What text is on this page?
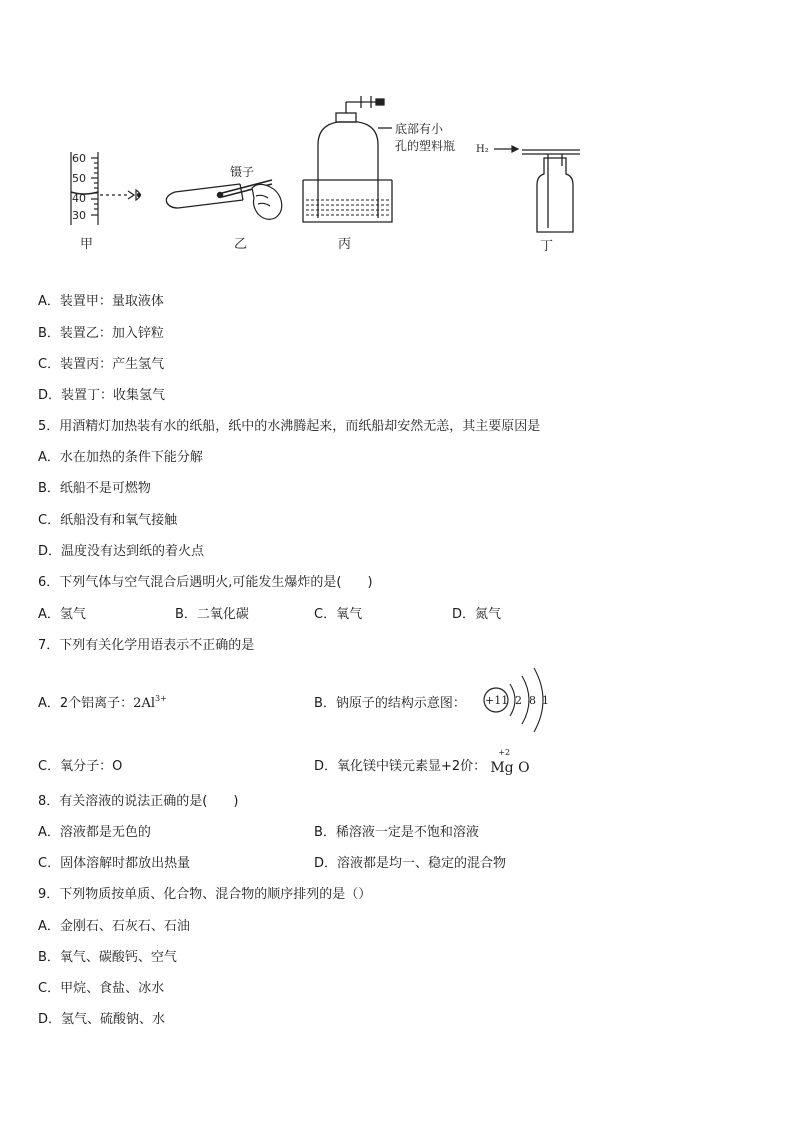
60
50
40
30
甲
镊子
乙
底部有小
孔的塑料瓶
丙
H₂
丁
A．装置甲：量取液体
B．装置乙：加入锌粒
C．装置丙：产生氢气
D．装置丁：收集氢气
5．用酒精灯加热装有水的纸船，纸中的水沸腾起来，而纸船却安然无恙，其主要原因是
A．水在加热的条件下能分解
B．纸船不是可燃物
C．纸船没有和氧气接触
D．温度没有达到纸的着火点
6．下列气体与空气混合后遇明火,可能发生爆炸的是(　　)
A．氢气	B．二氧化碳	C．氧气	D．氮气
7．下列有关化学用语表示不正确的是
A．2个铝离子：$2Al^{3+}$	B．钠原子的结构示意图： +11 2 8 1
C．氧分子：O	D．氧化镁中镁元素显+2价：
+2
Mg O
8．有关溶液的说法正确的是(　　)
A．溶液都是无色的	B．稀溶液一定是不饱和溶液
C．固体溶解时都放出热量	D．溶液都是均一、稳定的混合物
9．下列物质按单质、化合物、混合物的顺序排列的是（）
A．金刚石、石灰石、石油
B．氧气、碳酸钙、空气
C．甲烷、食盐、冰水
D．氢气、硫酸钠、水
